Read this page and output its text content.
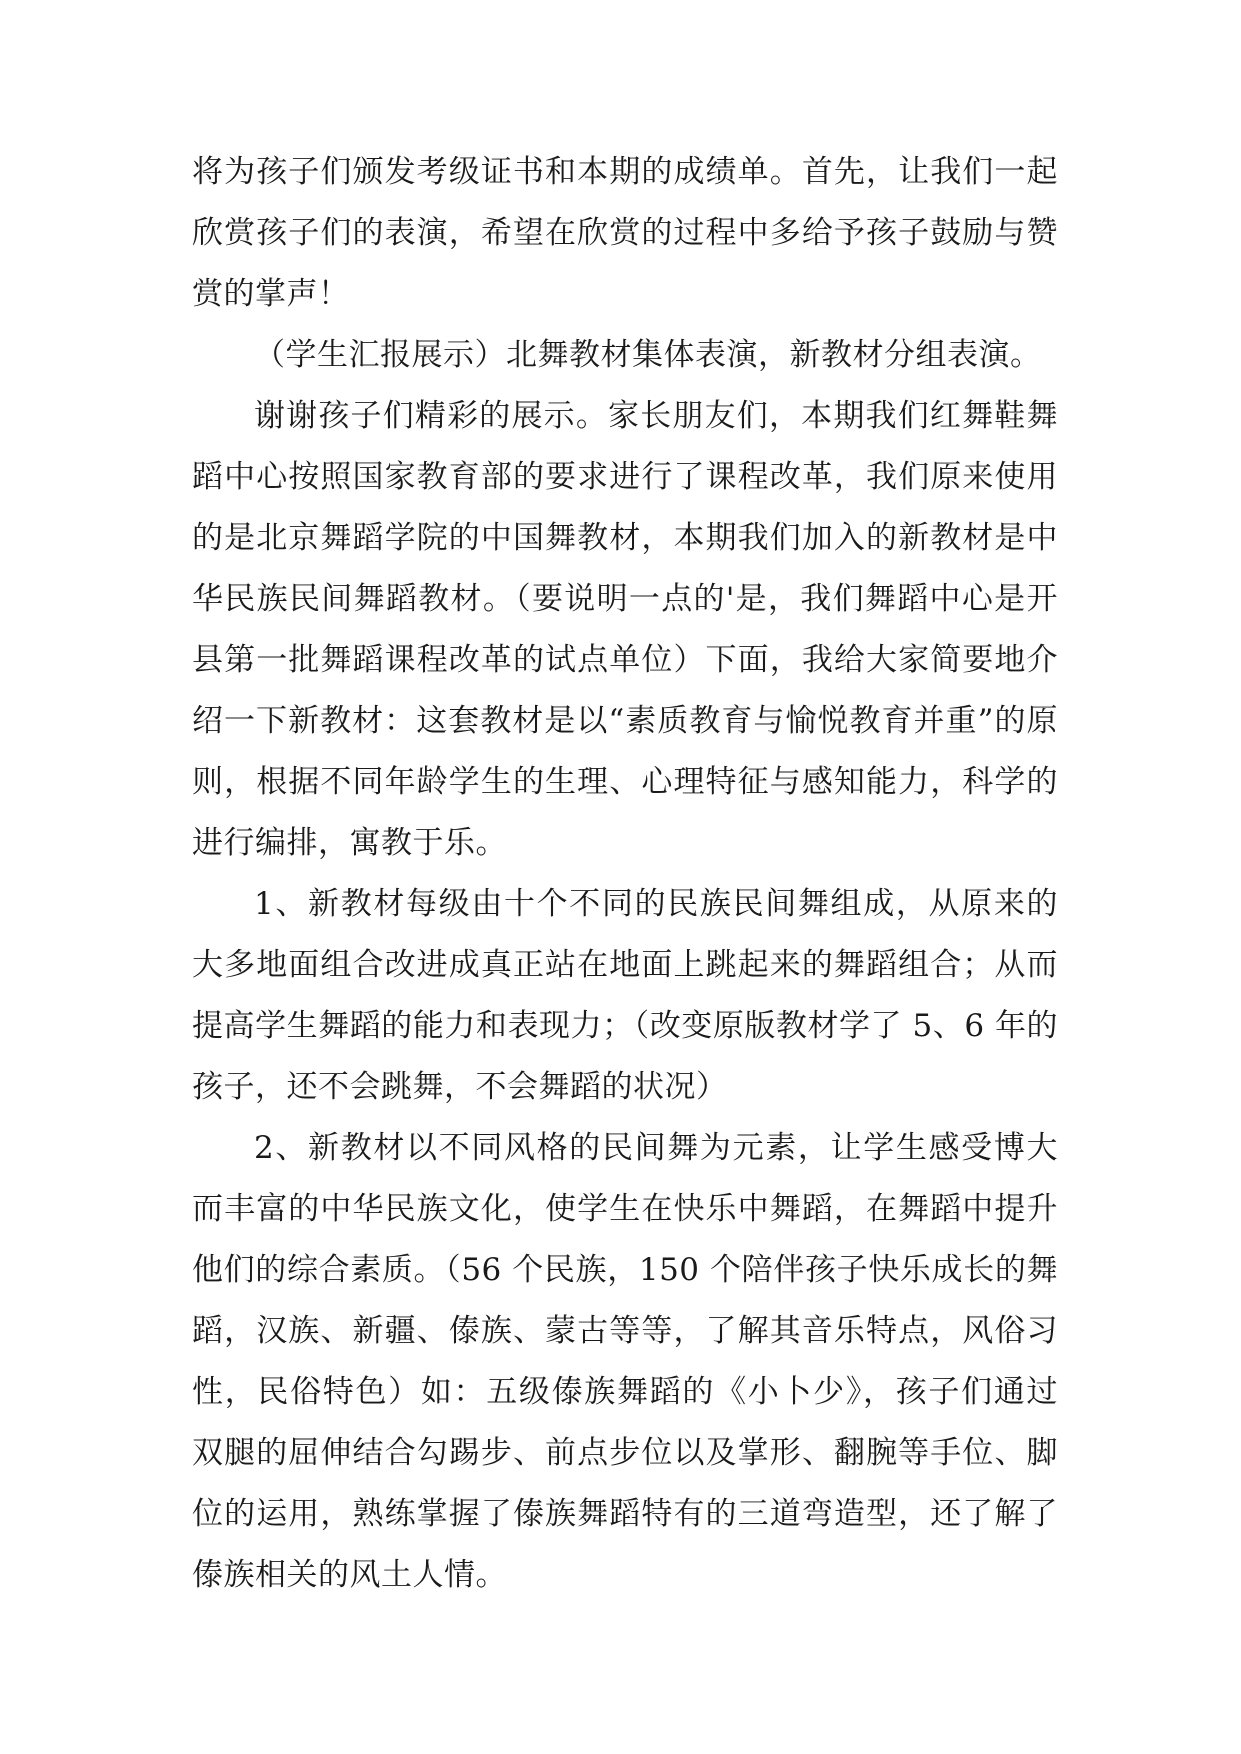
将为孩子们颁发考级证书和本期的成绩单。首先，让我们一起欣赏孩子们的表演，希望在欣赏的过程中多给予孩子鼓励与赞赏的掌声！

（学生汇报展示）北舞教材集体表演，新教材分组表演。

谢谢孩子们精彩的展示。家长朋友们，本期我们红舞鞋舞蹈中心按照国家教育部的要求进行了课程改革，我们原来使用的是北京舞蹈学院的中国舞教材，本期我们加入的新教材是中华民族民间舞蹈教材。（要说明一点的'是，我们舞蹈中心是开县第一批舞蹈课程改革的试点单位）下面，我给大家简要地介绍一下新教材：这套教材是以“素质教育与愉悦教育并重”的原则，根据不同年龄学生的生理、心理特征与感知能力，科学的进行编排，寓教于乐。

1、新教材每级由十个不同的民族民间舞组成，从原来的大多地面组合改进成真正站在地面上跳起来的舞蹈组合；从而提高学生舞蹈的能力和表现力；（改变原版教材学了 5、6 年的孩子，还不会跳舞，不会舞蹈的状况）

2、新教材以不同风格的民间舞为元素，让学生感受博大而丰富的中华民族文化，使学生在快乐中舞蹈，在舞蹈中提升他们的综合素质。（56 个民族，150 个陪伴孩子快乐成长的舞蹈，汉族、新疆、傣族、蒙古等等，了解其音乐特点，风俗习性，民俗特色）如：五级傣族舞蹈的《小卜少》，孩子们通过双腿的屈伸结合勾踢步、前点步位以及掌形、翻腕等手位、脚位的运用，熟练掌握了傣族舞蹈特有的三道弯造型，还了解了傣族相关的风土人情。
